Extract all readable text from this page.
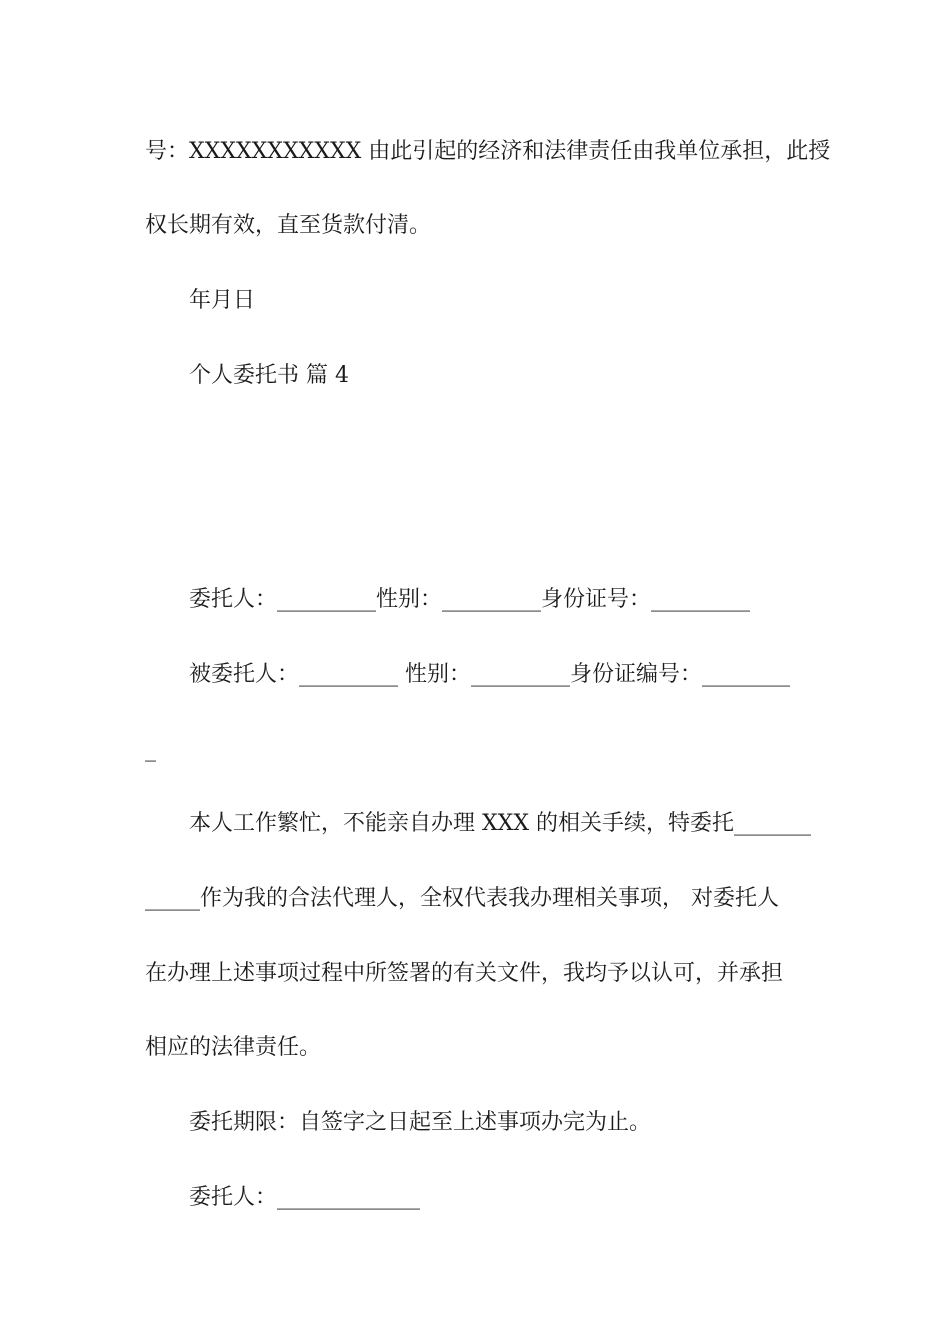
号：XXXXXXXXXXX 由此引起的经济和法律责任由我单位承担，此授
权长期有效，直至货款付清。
年月日
个人委托书 篇 4
委托人：_________性别：_________身份证号：_________
被委托人：_________ 性别：_________身份证编号：________
_
本人工作繁忙，不能亲自办理 XXX 的相关手续，特委托_______
_____作为我的合法代理人，全权代表我办理相关事项， 对委托人
在办理上述事项过程中所签署的有关文件，我均予以认可，并承担
相应的法律责任。
委托期限：自签字之日起至上述事项办完为止。
委托人：_____________
